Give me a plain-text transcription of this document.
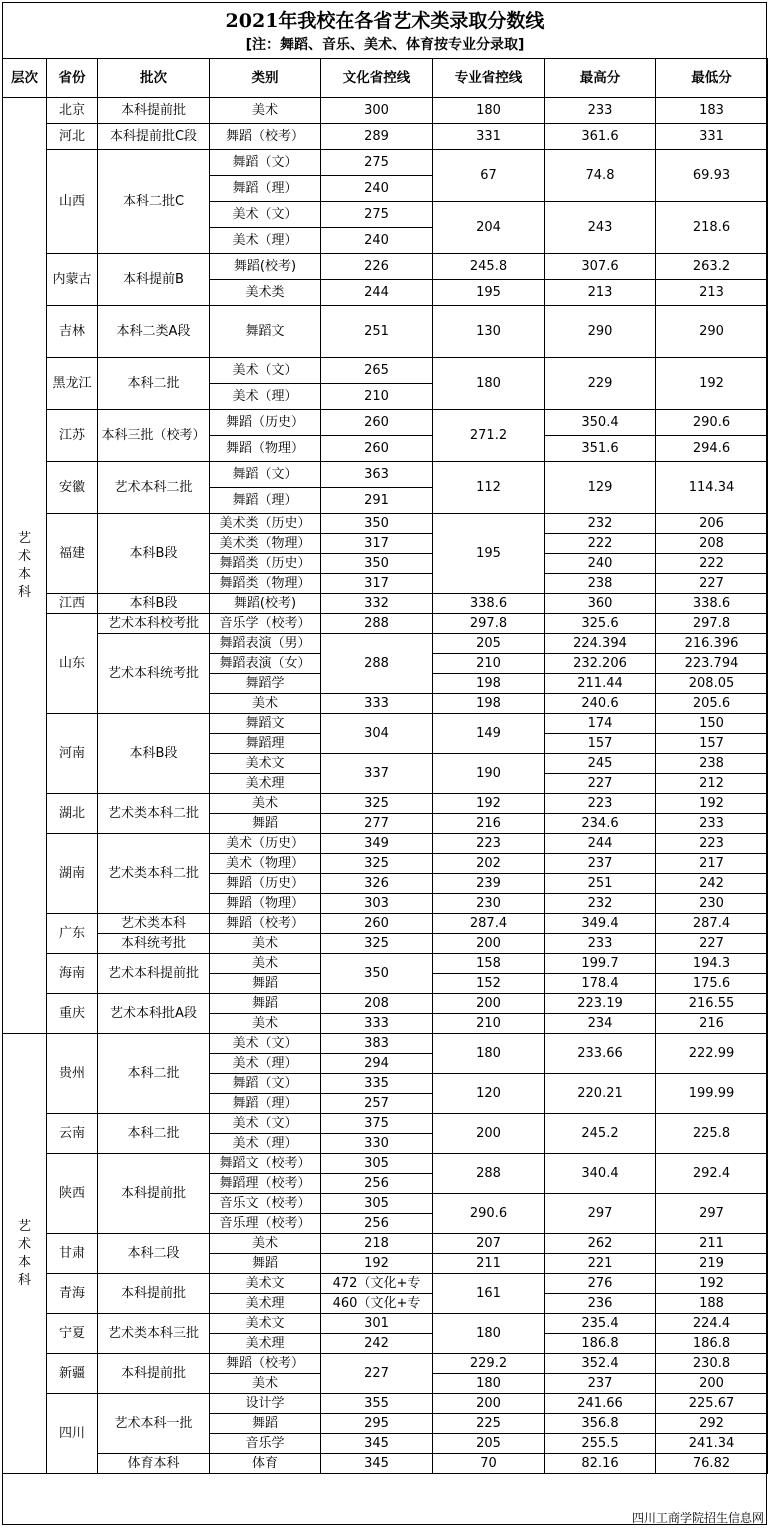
2021年我校在各省艺术类录取分数线
[注：舞蹈、音乐、美术、体育按专业分录取]
层次	省份	批次	类别	文化省控线	专业省控线	最高分	最低分

艺术本科	北京	本科提前批	美术	300	180	233	183
	河北	本科提前批C段	舞蹈（校考）	289	331	361.6	331
	山西	本科二批C	舞蹈（文）	275	67	74.8	69.93
			舞蹈（理）	240			
			美术（文）	275	204	243	218.6
			美术（理）	240			
	内蒙古	本科提前B	舞蹈(校考)	226	245.8	307.6	263.2
			美术类	244	195	213	213
	吉林	本科二类A段	舞蹈文	251	130	290	290
	黑龙江	本科二批	美术（文）	265	180	229	192
			美术（理）	210			
	江苏	本科三批（校考）	舞蹈（历史）	260	271.2	350.4	290.6
			舞蹈（物理）	260		351.6	294.6
	安徽	艺术本科二批	舞蹈（文）	363	112	129	114.34
			舞蹈（理）	291			
	福建	本科B段	美术类（历史）	350	195	232	206
			美术类（物理）	317		222	208
			舞蹈类（历史）	350		240	222
			舞蹈类（物理）	317		238	227
	江西	本科B段	舞蹈(校考)	332	338.6	360	338.6
	山东	艺术本科校考批	音乐学（校考）	288	297.8	325.6	297.8
		艺术本科统考批	舞蹈表演（男）	288	205	224.394	216.396
			舞蹈表演（女）		210	232.206	223.794
			舞蹈学		198	211.44	208.05
			美术	333	198	240.6	205.6
	河南	本科B段	舞蹈文	304	149	174	150
			舞蹈理			157	157
			美术文	337	190	245	238
			美术理			227	212
	湖北	艺术类本科二批	美术	325	192	223	192
			舞蹈	277	216	234.6	233
	湖南	艺术类本科二批	美术（历史）	349	223	244	223
			美术（物理）	325	202	237	217
			舞蹈（历史）	326	239	251	242
			舞蹈（物理）	303	230	232	230
	广东	艺术类本科	舞蹈（校考）	260	287.4	349.4	287.4
		本科统考批	美术	325	200	233	227
	海南	艺术本科提前批	美术	350	158	199.7	194.3
			舞蹈		152	178.4	175.6
	重庆	艺术本科批A段	舞蹈	208	200	223.19	216.55
			美术	333	210	234	216

艺术本科	贵州	本科二批	美术（文）	383	180	233.66	222.99
			美术（理）	294			
			舞蹈（文）	335	120	220.21	199.99
			舞蹈（理）	257			
	云南	本科二批	美术（文）	375	200	245.2	225.8
			美术（理）	330			
	陕西	本科提前批	舞蹈文（校考）	305	288	340.4	292.4
			舞蹈理（校考）	256			
			音乐文（校考）	305	290.6	297	297
			音乐理（校考）	256			
	甘肃	本科二段	美术	218	207	262	211
			舞蹈	192	211	221	219
	青海	本科提前批	美术文	472（文化+专	161	276	192
			美术理	460（文化+专		236	188
	宁夏	艺术类本科三批	美术文	301	180	235.4	224.4
			美术理	242		186.8	186.8
	新疆	本科提前批	舞蹈（校考）	227	229.2	352.4	230.8
			美术		180	237	200
	四川	艺术本科一批	设计学	355	200	241.66	225.67
			舞蹈	295	225	356.8	292
			音乐学	345	205	255.5	241.34
		体育本科	体育	345	70	82.16	76.82

四川工商学院招生信息网
